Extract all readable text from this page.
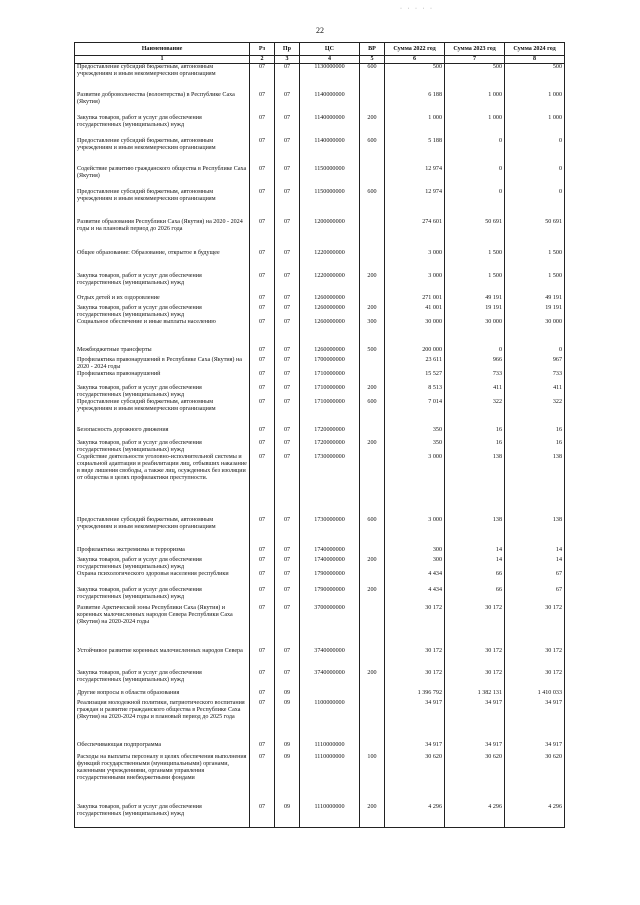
· · · · ·
22
Наименование	Рз	Пр	ЦС	ВР	Сумма 2022 год	Сумма 2023 год	Сумма 2024 год
1	2	3	4	5	6	7	8
Предоставление субсидий бюджетным, автономным учреждениям и иным некоммерческим организациям	07	07	1130000000	600	500	500	500
Развитие добровольчества (волонтерства) в Республике Саха (Якутия)	07	07	1140000000		6 188	1 000	1 000
Закупка товаров, работ и услуг для обеспечения государственных (муниципальных) нужд	07	07	1140000000	200	1 000	1 000	1 000
Предоставление субсидий бюджетным, автономным учреждениям и иным некоммерческим организациям	07	07	1140000000	600	5 188	0	0
Содействие развитию гражданского общества в Республике Саха (Якутия)	07	07	1150000000		12 974	0	0
Предоставление субсидий бюджетным, автономным учреждениям и иным некоммерческим организациям	07	07	1150000000	600	12 974	0	0
Развитие образования Республики Саха (Якутия) на 2020 - 2024 годы и на плановый период до 2026 года	07	07	1200000000		274 601	50 691	50 691
Общее образование: Образование, открытое в будущее	07	07	1220000000		3 000	1 500	1 500
Закупка товаров, работ и услуг для обеспечения государственных (муниципальных) нужд	07	07	1220000000	200	3 000	1 500	1 500
Отдых детей и их оздоровление	07	07	1260000000		271 001	49 191	49 191
Закупка товаров, работ и услуг для обеспечения государственных (муниципальных) нужд	07	07	1260000000	200	41 001	19 191	19 191
Социальное обеспечение и иные выплаты населению	07	07	1260000000	300	30 000	30 000	30 000
Межбюджетные трансферты	07	07	1260000000	500	200 000	0	0
Профилактика правонарушений в Республике Саха (Якутия) на 2020 - 2024 годы	07	07	1700000000		23 611	966	967
Профилактика правонарушений	07	07	1710000000		15 527	733	733
Закупка товаров, работ и услуг для обеспечения государственных (муниципальных) нужд	07	07	1710000000	200	8 513	411	411
Предоставление субсидий бюджетным, автономным учреждениям и иным некоммерческим организациям	07	07	1710000000	600	7 014	322	322
Безопасность дорожного движения	07	07	1720000000		350	16	16
Закупка товаров, работ и услуг для обеспечения государственных (муниципальных) нужд	07	07	1720000000	200	350	16	16
Содействие деятельности уголовно-исполнительной системы и социальной адаптации и реабилитации лиц, отбывших наказание в виде лишения свободы, а также лиц, осужденных без изоляции от общества в целях профилактики преступности.	07	07	1730000000		3 000	138	138
Предоставление субсидий бюджетным, автономным учреждениям и иным некоммерческим организациям	07	07	1730000000	600	3 000	138	138
Профилактика экстремизма и терроризма	07	07	1740000000		300	14	14
Закупка товаров, работ и услуг для обеспечения государственных (муниципальных) нужд	07	07	1740000000	200	300	14	14
Охрана психологического здоровья населения республики	07	07	1790000000		4 434	66	67
Закупка товаров, работ и услуг для обеспечения государственных (муниципальных) нужд	07	07	1790000000	200	4 434	66	67
Развитие Арктической зоны Республики Саха (Якутия) и коренных малочисленных народов Севера Республики Саха (Якутия) на 2020-2024 годы	07	07	3700000000		30 172	30 172	30 172
Устойчивое развитие коренных малочисленных народов Севера	07	07	3740000000		30 172	30 172	30 172
Закупка товаров, работ и услуг для обеспечения государственных (муниципальных) нужд	07	07	3740000000	200	30 172	30 172	30 172
Другие вопросы в области образования	07	09			1 396 792	1 382 131	1 410 033
Реализация молодежной политики, патриотического воспитания граждан и развитие гражданского общества в Республике Саха (Якутия) на 2020-2024 годы и плановый период до 2025 года	07	09	1100000000		34 917	34 917	34 917
Обеспечивающая подпрограмма	07	09	1110000000		34 917	34 917	34 917
Расходы на выплаты персоналу в целях обеспечения выполнения функций государственными (муниципальными) органами, казенными учреждениями, органами управления государственными внебюджетными фондами	07	09	1110000000	100	30 620	30 620	30 620
Закупка товаров, работ и услуг для обеспечения государственных (муниципальных) нужд	07	09	1110000000	200	4 296	4 296	4 296
